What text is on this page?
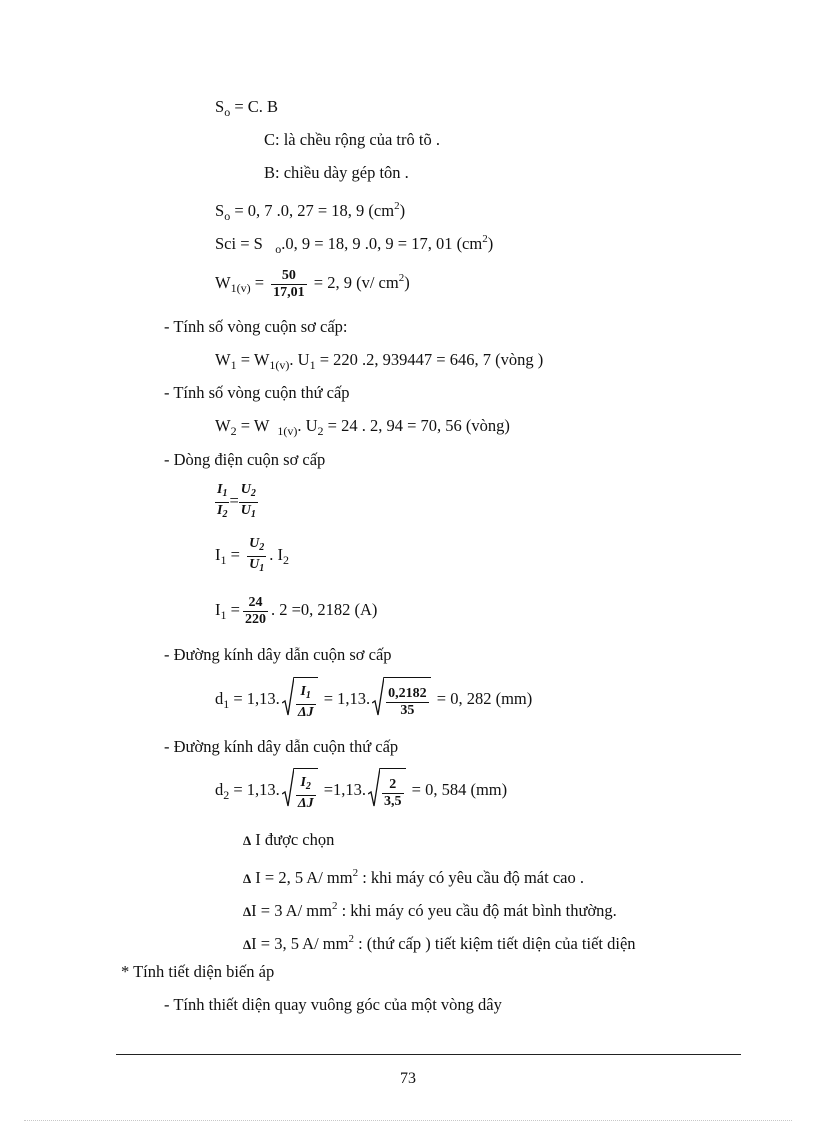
$S_o = C$. B
C: là chều rộng của trô tõ .
B: chiều dày gép tôn .
$S_o = 0$, 7 .0, 27 = 18, 9 $(cm^2)$
Sci = S $_o$.0, 9 = 18, 9 .0, 9 = 17, 01 $(cm^2)$
$W_{1(v)} = \frac{50}{17,01} = 2$, 9 (v/ $cm^2$)
- Tính số vòng cuộn sơ cấp:
$W_1 = W_{1(v)}$. $U_1 = 220$ .2, 939447 = 646, 7 (vòng )
- Tính số vòng cuộn thứ cấp
$W_2 = W$ $_{1(v)}$. $U_2 = 24$ . 2, 94 = 70, 56 (vòng)
- Dòng điện cuộn sơ cấp
$\frac{I_1}{I_2} = \frac{U_2}{U_1}$
$I_1 = \frac{U_2}{U_1}$ . $I_2$
$I_1 = \frac{24}{220}$ . 2 =0, 2182 (A)
- Đường kính dây dẫn cuộn sơ cấp
$d_1 = 1,13$. $\frac{I_1}{\Delta J} = 1,13$. $\frac{0,2182}{35} = 0$, 282 (mm)
- Đường kính dây dẫn cuộn thứ cấp
$d_2 = 1,13$. $\frac{I_2}{\Delta J} =1,13$. $\frac{2}{3,5} = 0$, 584 (mm)
Δ I được chọn
Δ I = 2, 5 A/ $mm^2$ : khi máy có yêu cầu độ mát cao .
ΔI = 3 A/ $mm^2$ : khi máy có yeu cầu độ mát bình thường.
ΔI = 3, 5 A/ $mm^2$ : (thứ cấp ) tiết kiệm tiết diện của tiết diện
* Tính tiết diện biến áp
- Tính thiết diện quay vuông góc của một vòng dây
73
